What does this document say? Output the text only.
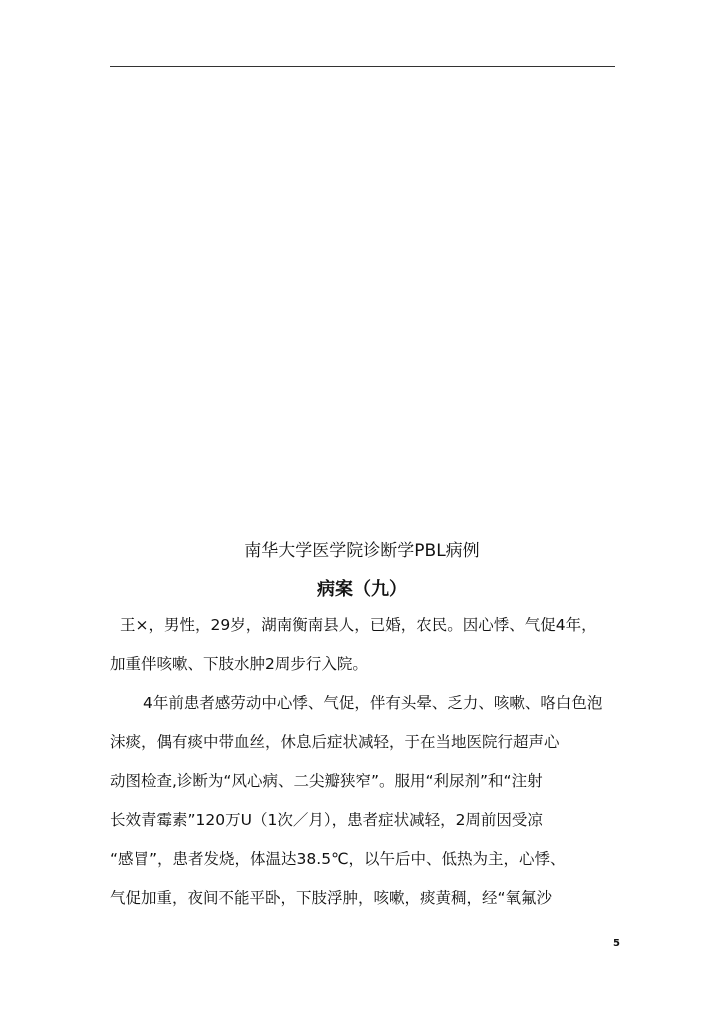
南华大学医学院诊断学PBL病例
病案（九）
王×，男性，29岁，湖南衡南县人，已婚，农民。因心悸、气促4年，
加重伴咳嗽、下肢水肿2周步行入院。
4年前患者感劳动中心悸、气促，伴有头晕、乏力、咳嗽、咯白色泡
沫痰，偶有痰中带血丝，休息后症状减轻，于在当地医院行超声心
动图检查,诊断为“风心病、二尖瓣狭窄”。服用“利尿剂”和“注射
长效青霉素”120万U（1次／月），患者症状减轻，2周前因受凉
“感冒”，患者发烧，体温达38.5℃，以午后中、低热为主，心悸、
气促加重，夜间不能平卧，下肢浮肿，咳嗽，痰黄稠，经“氧氟沙
5
